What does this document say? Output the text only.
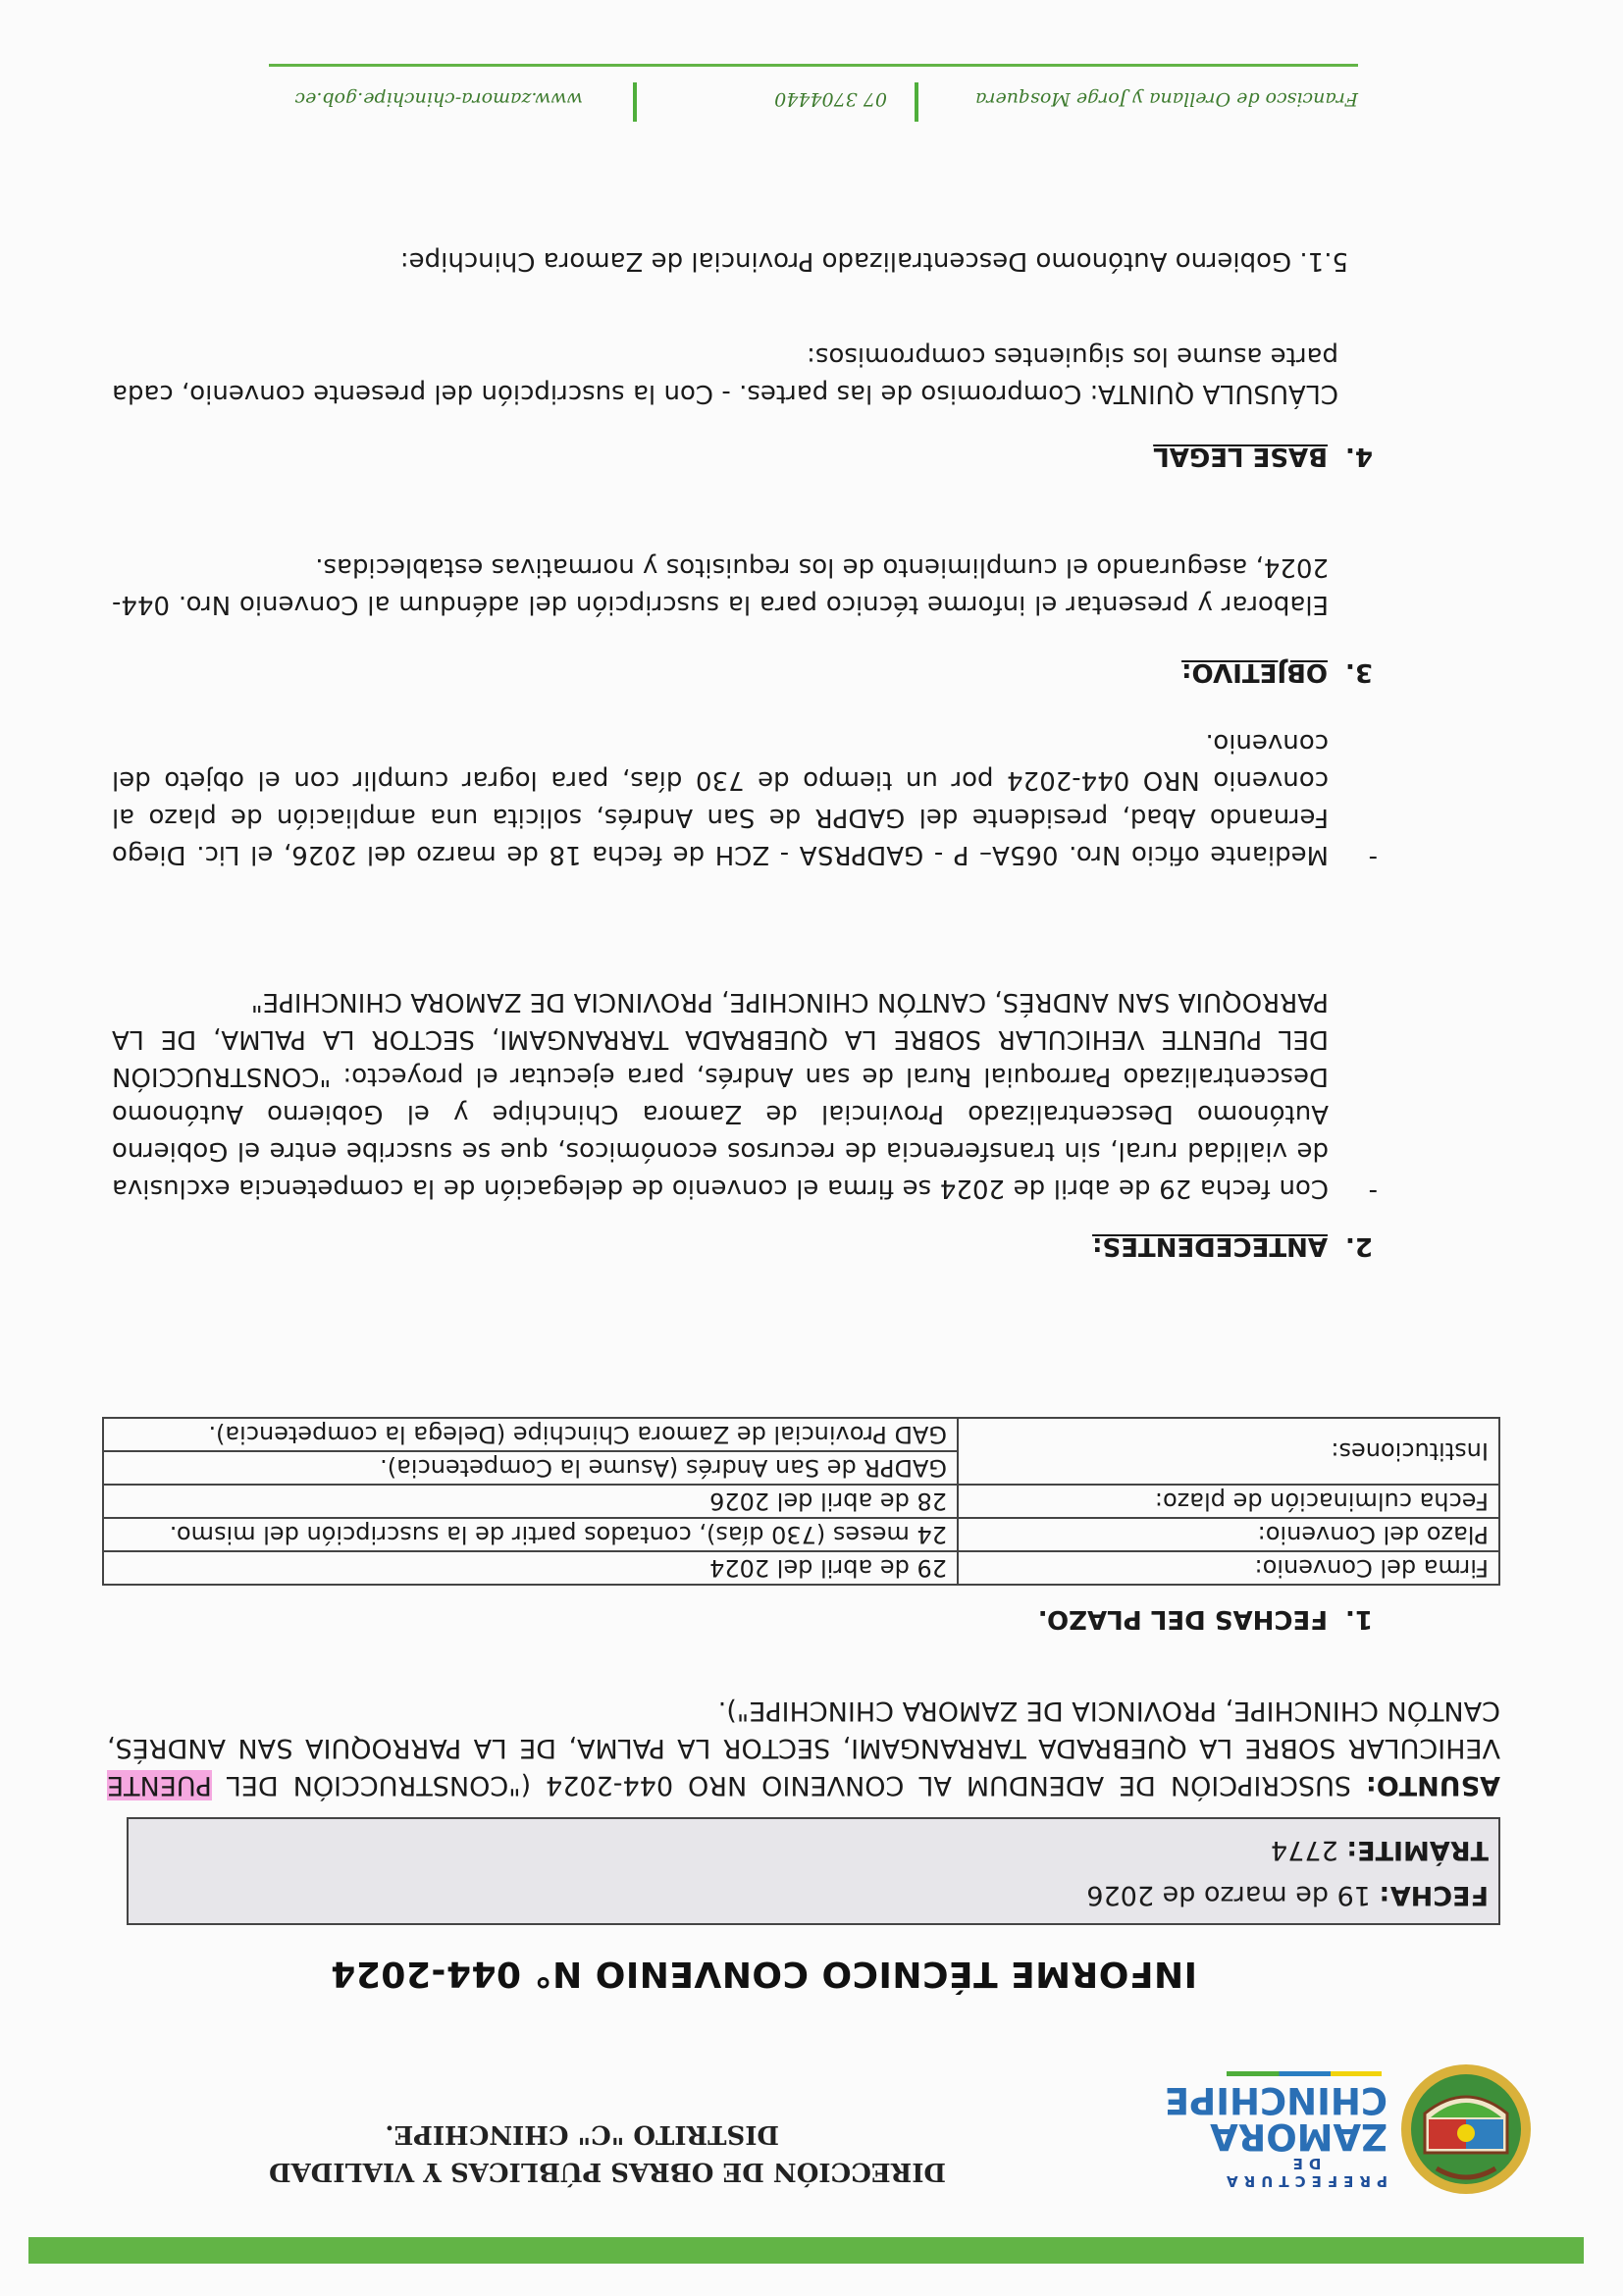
PREFECTURA DE
ZAMORA
CHINCHIPE
DIRECCIÓN DE OBRAS PÚBLICAS Y VIALIDAD
DISTRITO "C" CHINCHIPE.
INFORME TÉCNICO CONVENIO N° 044-2024
FECHA: 19 de marzo de 2026
TRÁMITE: 2774
ASUNTO: SUSCRIPCIÓN DE ADENDUM AL CONVENIO NRO 044-2024 ("CONSTRUCCIÓN DEL PUENTE VEHICULAR SOBRE LA QUEBRADA TARRANGAMI, SECTOR LA PALMA, DE LA PARROQUIA SAN ANDRÉS, CANTÓN CHINCHIPE, PROVINCIA DE ZAMORA CHINCHIPE").
1.FECHAS DEL PLAZO.
Firma del Convenio:	29 de abril del 2024
Plazo del Convenio:	24 meses (730 días), contados partir de la suscripción del mismo.
Fecha culminación de plazo:	28 de abril del 2026
Instituciones:	GADPR de San Andrés (Asume la Competencia).
	GAD Provincial de Zamora Chinchipe (Delega la competencia).
2.ANTECEDENTES:
-
Con fecha 29 de abril de 2024 se firma el convenio de delegación de la competencia exclusiva de vialidad rural, sin transferencia de recursos económicos, que se suscribe entre el Gobierno Autónomo Descentralizado Provincial de Zamora Chinchipe y el Gobierno Autónomo Descentralizado Parroquial Rural de san Andrés, para ejecutar el proyecto: "CONSTRUCCIÓN DEL PUENTE VEHICULAR SOBRE LA QUEBRADA TARRANGAMI, SECTOR LA PALMA, DE LA PARROQUIA SAN ANDRÉS, CANTÓN CHINCHIPE, PROVINCIA DE ZAMORA CHINCHIPE"
-
Mediante oficio Nro. 065A– P - GADPRSA - ZCH de fecha 18 de marzo del 2026, el Lic. Diego Fernando Abad, presidente del GADPR de San Andrés, solicita una ampliación de plazo al convenio NRO 044-2024 por un tiempo de 730 días, para lograr cumplir con el objeto del convenio.
3.OBJETIVO:
Elaborar y presentar el informe técnico para la suscripción del adéndum al Convenio Nro. 044-2024, asegurando el cumplimiento de los requisitos y normativas establecidas.
4.BASE LEGAL
CLÁUSULA QUINTA: Compromiso de las partes. - Con la suscripción del presente convenio, cada parte asume los siguientes compromisos:
5.1. Gobierno Autónomo Descentralizado Provincial de Zamora Chinchipe:
Francisco de Orellana y Jorge Mosquera
07 3704440
www.zamora-chinchipe.gob.ec
